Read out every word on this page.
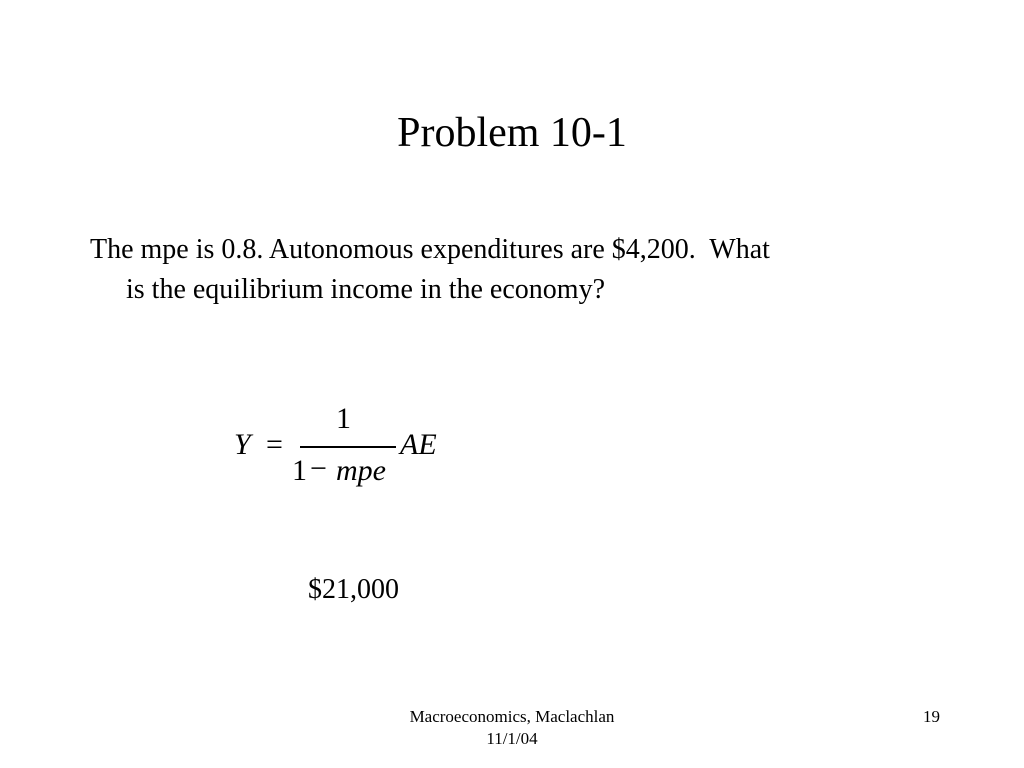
Problem 10-1
The mpe is 0.8. Autonomous expenditures are $4,200.  What
is the equilibrium income in the economy?
Y =
1
1 − mpe
AE
$21,000
Macroeconomics, Maclachlan
11/1/04
19
